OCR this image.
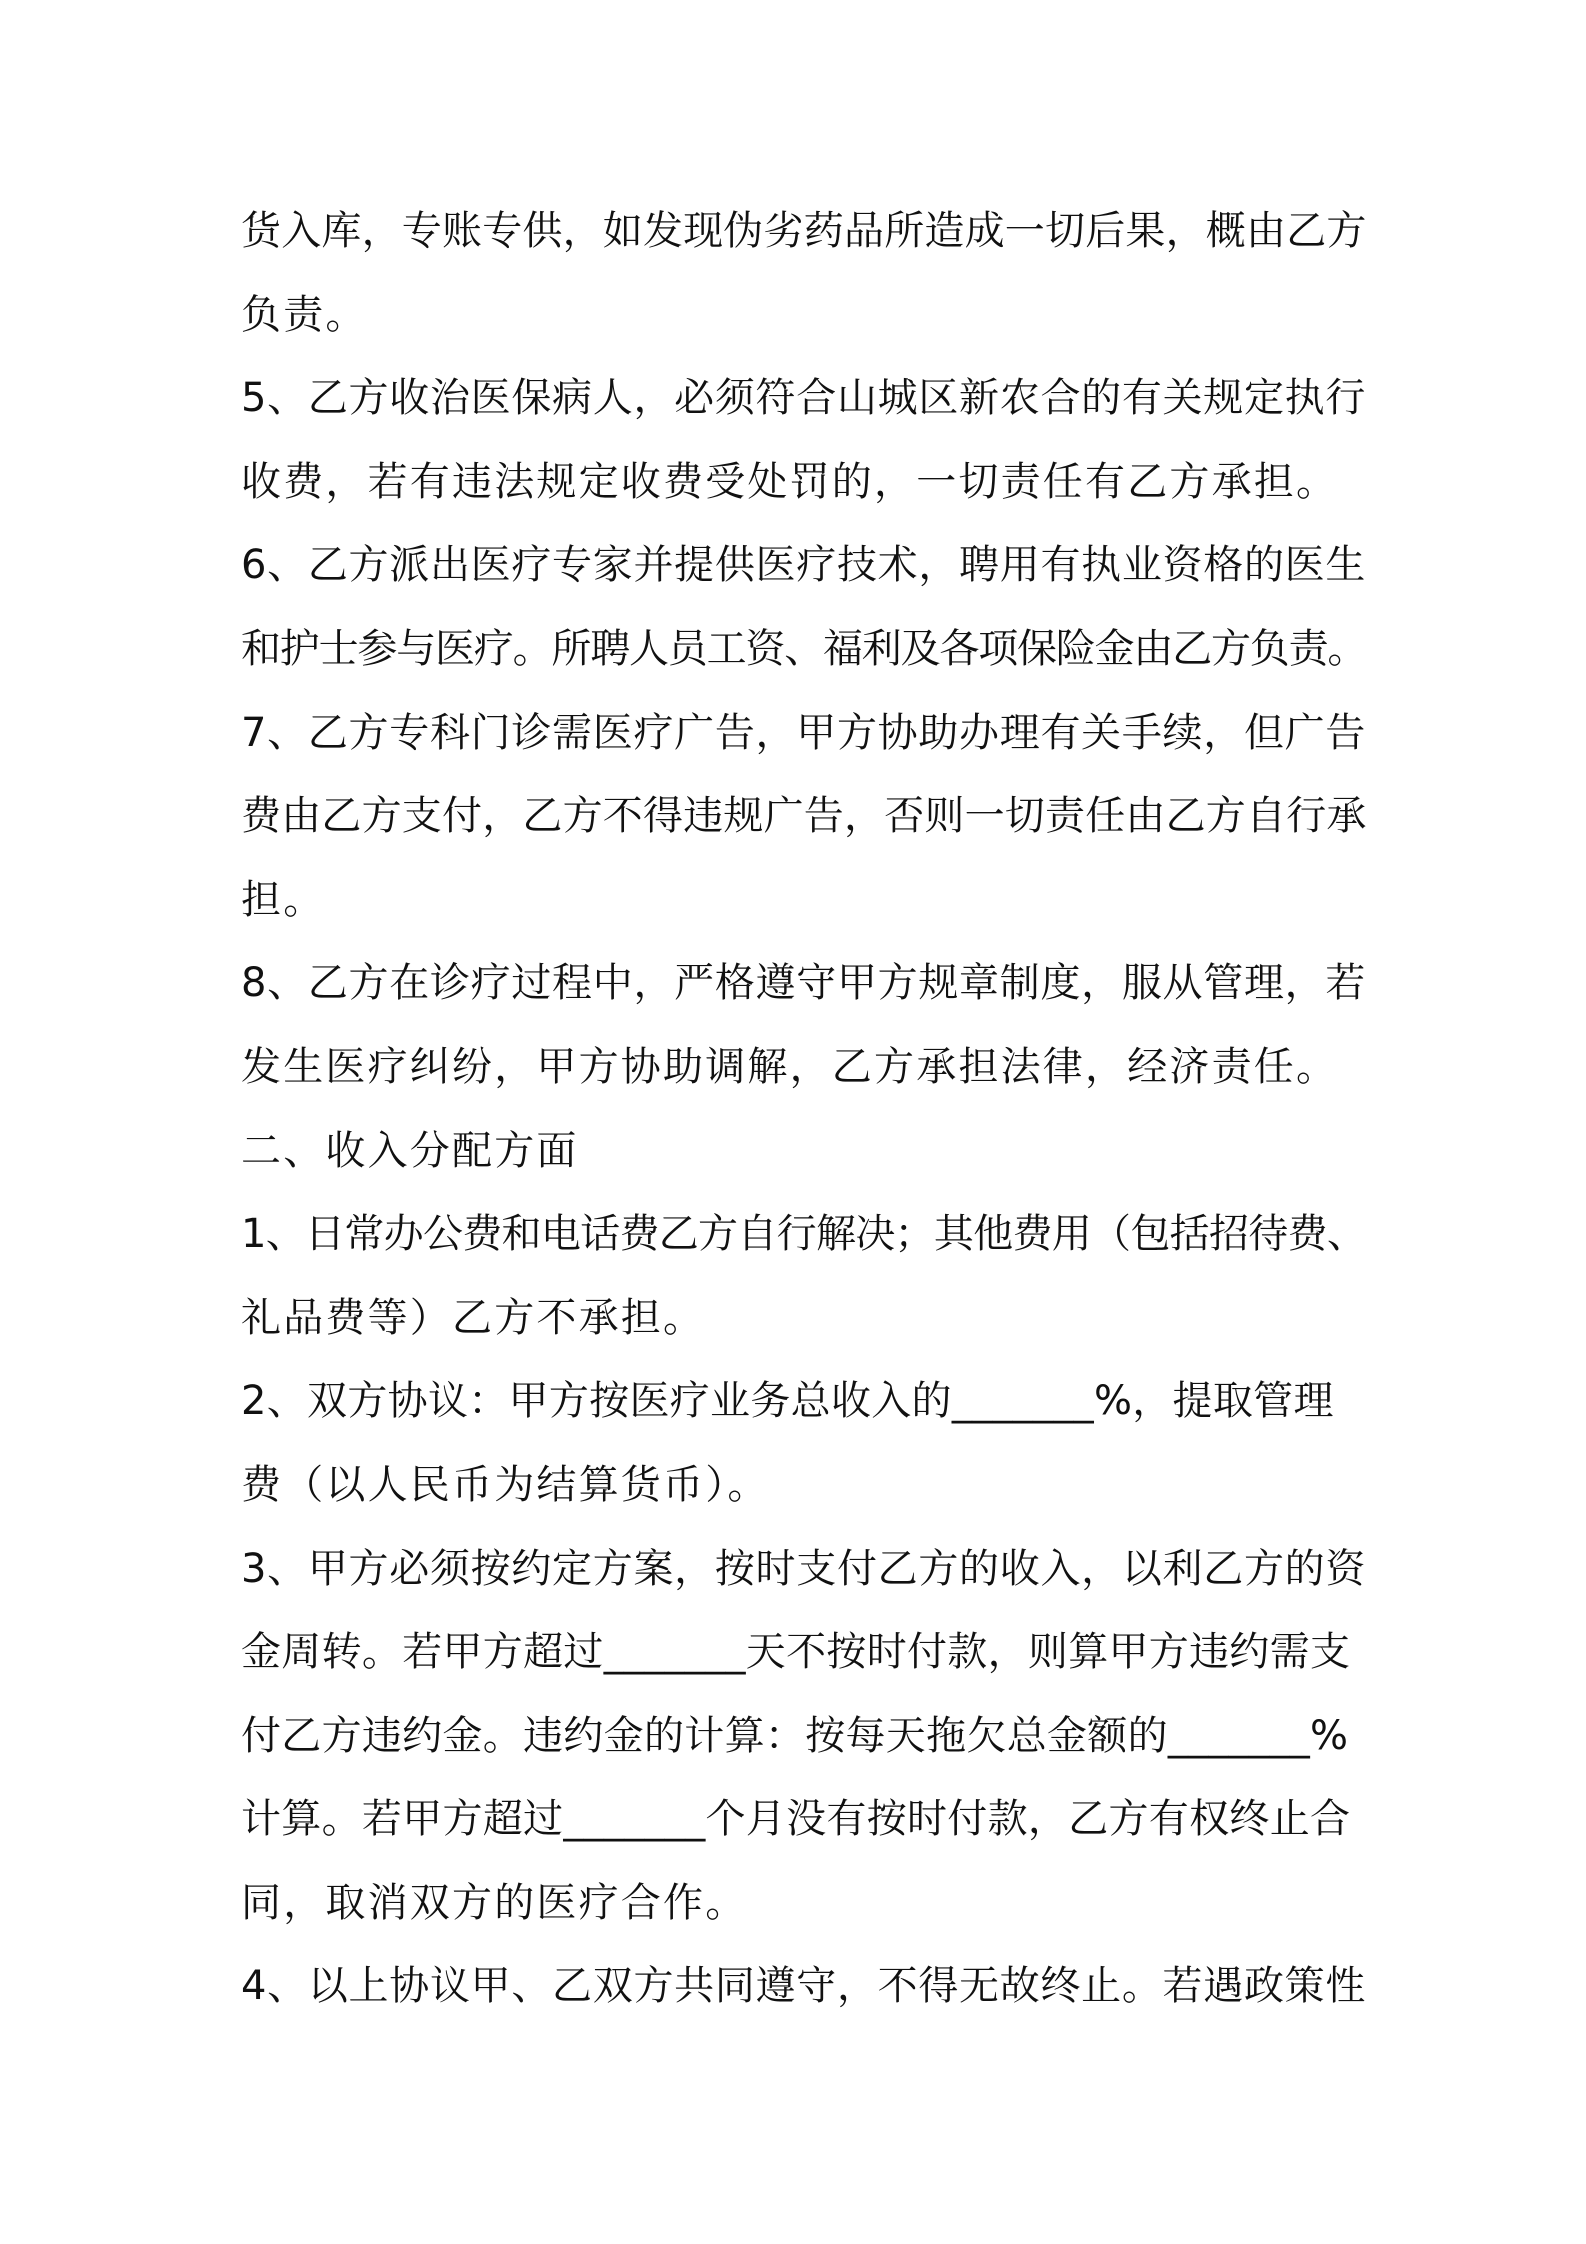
货入库，专账专供，如发现伪劣药品所造成一切后果，概由乙方
负责。
5、乙方收治医保病人，必须符合山城区新农合的有关规定执行
收费，若有违法规定收费受处罚的，一切责任有乙方承担。
6、乙方派出医疗专家并提供医疗技术，聘用有执业资格的医生
和护士参与医疗。所聘人员工资、福利及各项保险金由乙方负责。
7、乙方专科门诊需医疗广告，甲方协助办理有关手续，但广告
费由乙方支付，乙方不得违规广告，否则一切责任由乙方自行承
担。
8、乙方在诊疗过程中，严格遵守甲方规章制度，服从管理，若
发生医疗纠纷，甲方协助调解，乙方承担法律，经济责任。
二、收入分配方面
1、日常办公费和电话费乙方自行解决；其他费用（包括招待费、
礼品费等）乙方不承担。
2、双方协议：甲方按医疗业务总收入的_______%，提取管理
费（以人民币为结算货币）。
3、甲方必须按约定方案，按时支付乙方的收入，以利乙方的资
金周转。若甲方超过_______天不按时付款，则算甲方违约需支
付乙方违约金。违约金的计算：按每天拖欠总金额的_______%
计算。若甲方超过_______个月没有按时付款，乙方有权终止合
同，取消双方的医疗合作。
4、以上协议甲、乙双方共同遵守，不得无故终止。若遇政策性
